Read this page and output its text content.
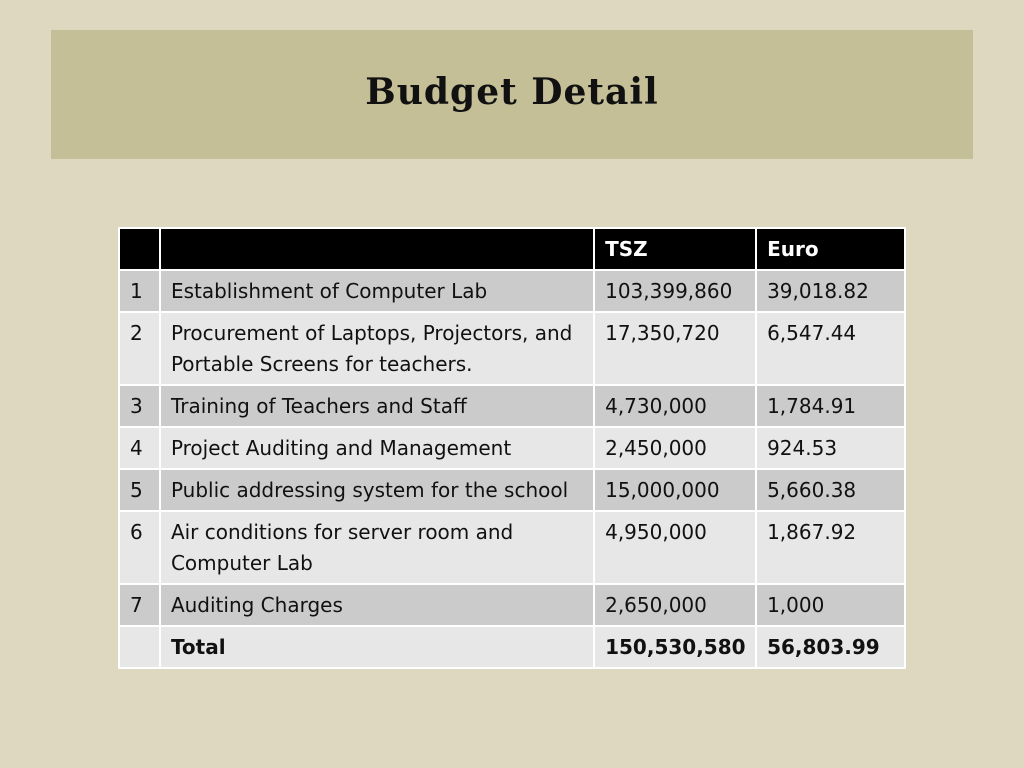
Budget Detail
		TSZ	Euro
1	Establishment of Computer Lab	103,399,860	39,018.82
2	Procurement of Laptops, Projectors, and Portable Screens for teachers.	17,350,720	6,547.44
3	Training of Teachers and Staff	4,730,000	1,784.91
4	Project Auditing and Management	2,450,000	924.53
5	Public addressing system for the school	15,000,000	5,660.38
6	Air conditions for server room and Computer Lab	4,950,000	1,867.92
7	Auditing Charges	2,650,000	1,000
	Total	150,530,580	56,803.99
